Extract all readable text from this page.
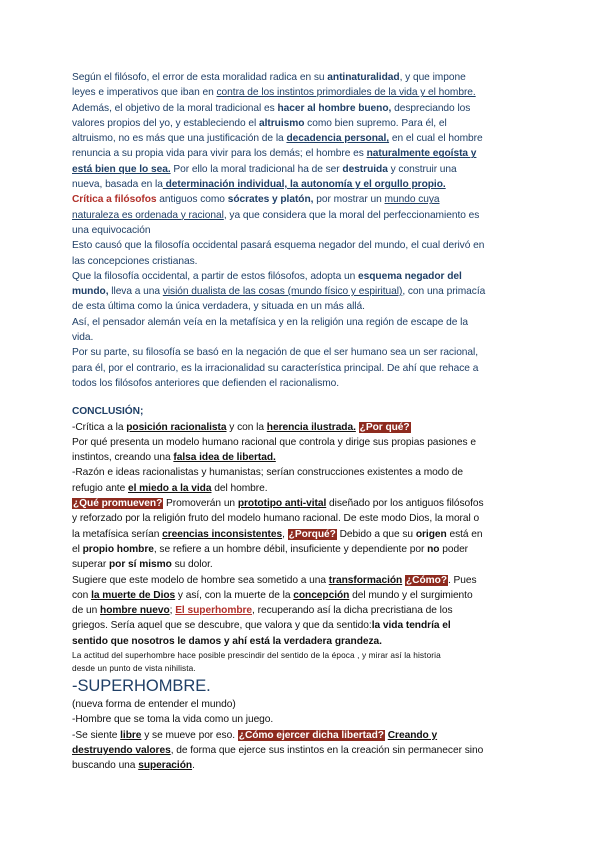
Según el filósofo, el error de esta moralidad radica en su antinaturalidad, y que impone
leyes e imperativos que iban en contra de los instintos primordiales de la vida y el hombre.
Además, el objetivo de la moral tradicional es hacer al hombre bueno, despreciando los
valores propios del yo, y estableciendo el altruismo como bien supremo. Para él, el
altruismo, no es más que una justificación de la decadencia personal, en el cual el hombre
renuncia a su propia vida para vivir para los demás; el hombre es naturalmente egoísta y
está bien que lo sea. Por ello la moral tradicional ha de ser destruida y construir una
nueva, basada en la determinación individual, la autonomía y el orgullo propio.
Crítica a filósofos antiguos como sócrates y platón, por mostrar un mundo cuya
naturaleza es ordenada y racional, ya que considera que la moral del perfeccionamiento es
una equivocación
Esto causó que la filosofía occidental pasará esquema negador del mundo, el cual derivó en
las concepciones cristianas.
Que la filosofía occidental, a partir de estos filósofos, adopta un esquema negador del
mundo, lleva a una visión dualista de las cosas (mundo físico y espiritual), con una primacía
de esta última como la única verdadera, y situada en un más allá.
Así, el pensador alemán veía en la metafísica y en la religión una región de escape de la
vida.
Por su parte, su filosofía se basó en la negación de que el ser humano sea un ser racional,
para él, por el contrario, es la irracionalidad su característica principal. De ahí que rehace a
todos los filósofos anteriores que defienden el racionalismo.
CONCLUSIÓN;
-Crítica a la posición racionalista y con la herencia ilustrada. ¿Por qué?
Por qué presenta un modelo humano racional que controla y dirige sus propias pasiones e
instintos, creando una falsa idea de libertad.
-Razón e ideas racionalistas y humanistas; serían construcciones existentes a modo de
refugio ante el miedo a la vida del hombre.
¿Qué promueven? Promoverán un prototipo anti-vital diseñado por los antiguos filósofos
y reforzado por la religión fruto del modelo humano racional. De este modo Dios, la moral o
la metafísica serían creencias inconsistentes, ¿Porqué? Debido a que su origen está en
el propio hombre, se refiere a un hombre débil, insuficiente y dependiente por no poder
superar por sí mismo su dolor.
Sugiere que este modelo de hombre sea sometido a una transformación ¿Cómo?. Pues
con la muerte de Dios y así, con la muerte de la concepción del mundo y el surgimiento
de un hombre nuevo; El superhombre, recuperando así la dicha precristiana de los
griegos. Sería aquel que se descubre, que valora y que da sentido:la vida tendría el
sentido que nosotros le damos y ahí está la verdadera grandeza.
La actitud del superhombre hace posible prescindir del sentido de la época , y mirar así la historia
desde un punto de vista nihilista.
-SUPERHOMBRE.
(nueva forma de entender el mundo)
-Hombre que se toma la vida como un juego.
-Se siente libre y se mueve por eso. ¿Cómo ejercer dicha libertad? Creando y
destruyendo valores, de forma que ejerce sus instintos en la creación sin permanecer sino
buscando una superación.
